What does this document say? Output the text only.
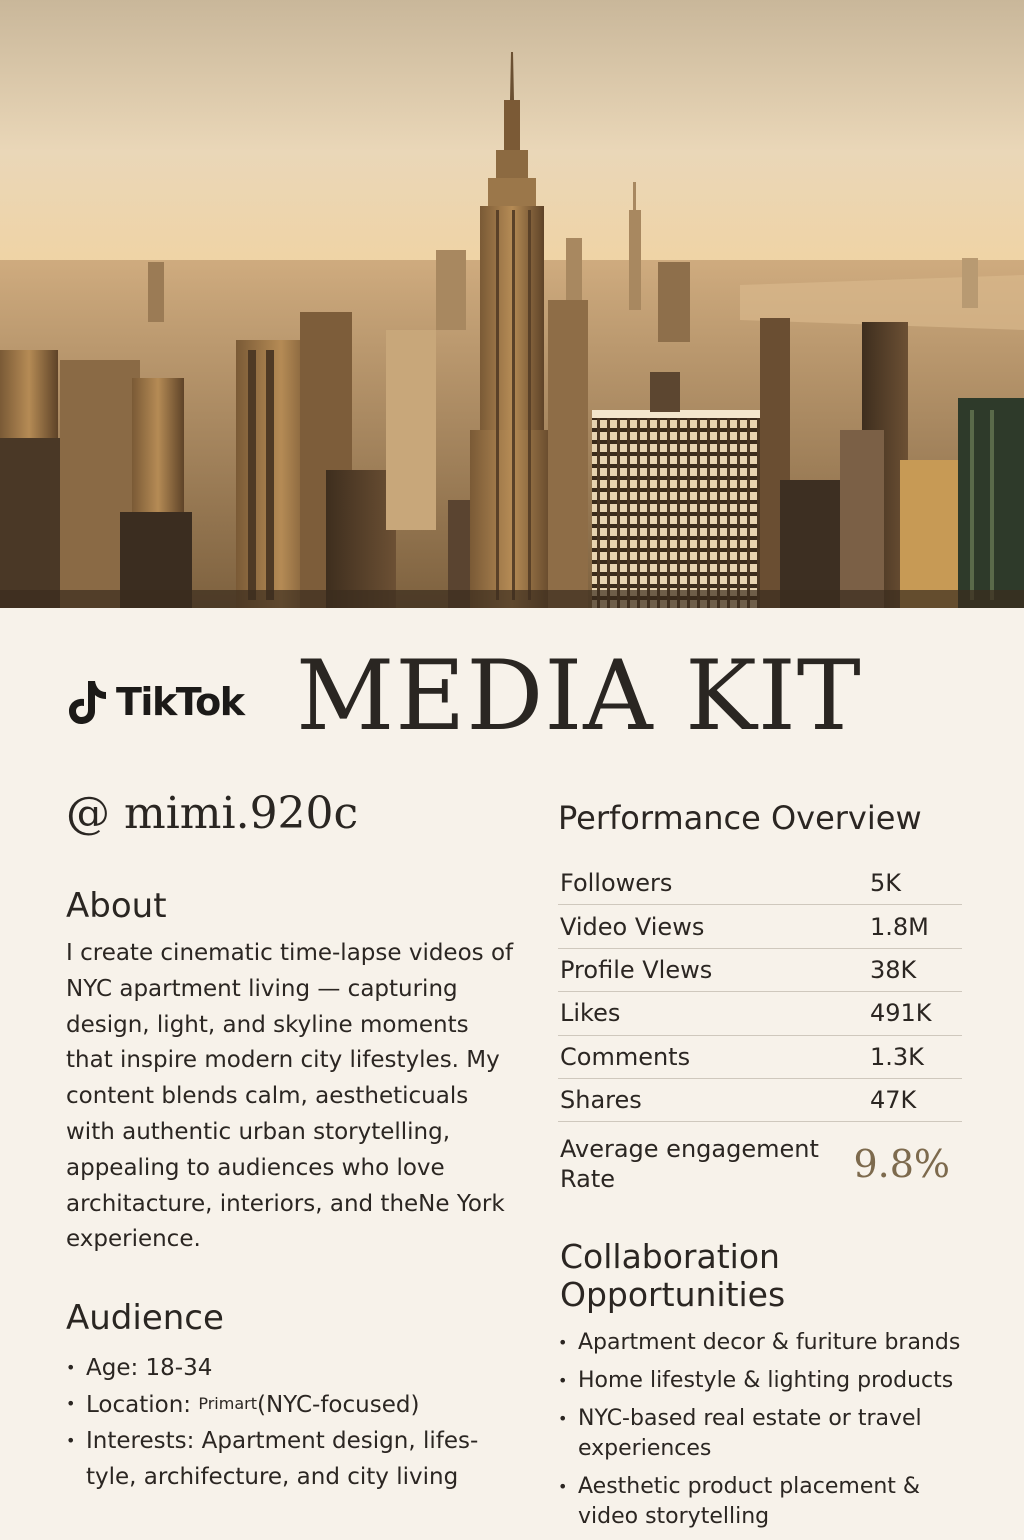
TikTok MEDIA KIT
@ mimi.920c
About

I create cinematic time-lapse videos of NYC apartment living — capturing design, light, and skyline moments that inspire modern city lifestyles. My content blends calm, aestheticuals with authentic urban storytelling, appealing to audiences who love architacture, interiors, and theNe York experience.

Audience
• Age: 18-34
• Location: Primart(NYC-focused)
• Interests: Apartment design, lifes-tyle, archifecture, and city living
Performance Overview
Followers	5K
Video Views	1.8M
Profile Vlews	38K
Likes	491K
Comments	1.3K
Shares	47K
Average engagement Rate	9.8%
Collaboration Opportunities
• Apartment decor & furiture brands
• Home lifestyle & lighting products
• NYC-based real estate or travel experiences
• Aesthetic product placement & video storytelling
